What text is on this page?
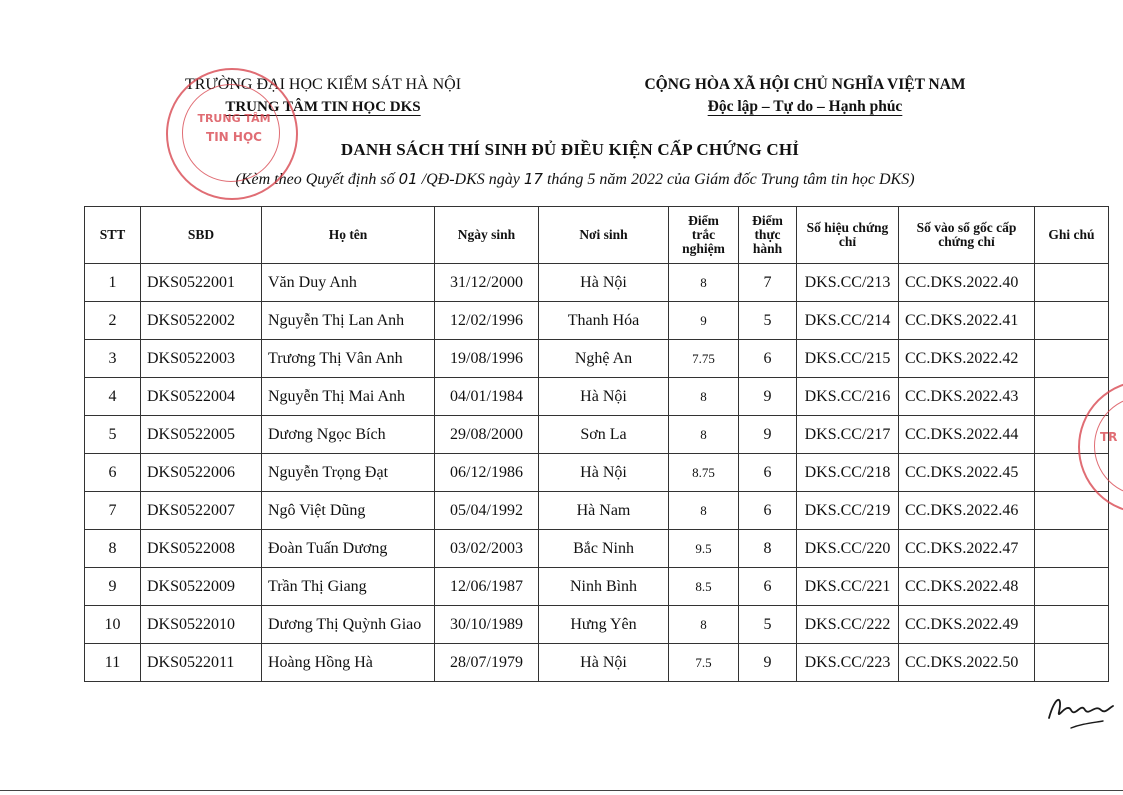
TRƯỜNG ĐẠI HỌC KIỂM SÁT HÀ NỘI
TRUNG TÂM TIN HỌC DKS
CỘNG HÒA XÃ HỘI CHỦ NGHĨA VIỆT NAM
Độc lập – Tự do – Hạnh phúc
DANH SÁCH THÍ SINH ĐỦ ĐIỀU KIỆN CẤP CHỨNG CHỈ
(Kèm theo Quyết định số 01 /QĐ-DKS ngày 17 tháng 5 năm 2022 của Giám đốc Trung tâm tin học DKS)
STT	SBD	Họ tên	Ngày sinh	Nơi sinh	Điểm trắc nghiệm	Điểm thực hành	Số hiệu chứng chỉ	Số vào sổ gốc cấp chứng chỉ	Ghi chú
1	DKS0522001	Văn Duy Anh	31/12/2000	Hà Nội	8	7	DKS.CC/213	CC.DKS.2022.40	
2	DKS0522002	Nguyễn Thị Lan Anh	12/02/1996	Thanh Hóa	9	5	DKS.CC/214	CC.DKS.2022.41	
3	DKS0522003	Trương Thị Vân Anh	19/08/1996	Nghệ An	7.75	6	DKS.CC/215	CC.DKS.2022.42	
4	DKS0522004	Nguyễn Thị Mai Anh	04/01/1984	Hà Nội	8	9	DKS.CC/216	CC.DKS.2022.43	
5	DKS0522005	Dương Ngọc Bích	29/08/2000	Sơn La	8	9	DKS.CC/217	CC.DKS.2022.44	
6	DKS0522006	Nguyễn Trọng Đạt	06/12/1986	Hà Nội	8.75	6	DKS.CC/218	CC.DKS.2022.45	
7	DKS0522007	Ngô Việt Dũng	05/04/1992	Hà Nam	8	6	DKS.CC/219	CC.DKS.2022.46	
8	DKS0522008	Đoàn Tuấn Dương	03/02/2003	Bắc Ninh	9.5	8	DKS.CC/220	CC.DKS.2022.47	
9	DKS0522009	Trần Thị Giang	12/06/1987	Ninh Bình	8.5	6	DKS.CC/221	CC.DKS.2022.48	
10	DKS0522010	Dương Thị Quỳnh Giao	30/10/1989	Hưng Yên	8	5	DKS.CC/222	CC.DKS.2022.49	
11	DKS0522011	Hoàng Hồng Hà	28/07/1979	Hà Nội	7.5	9	DKS.CC/223	CC.DKS.2022.50	
TRUNG TÂM
TIN HỌC
TR
